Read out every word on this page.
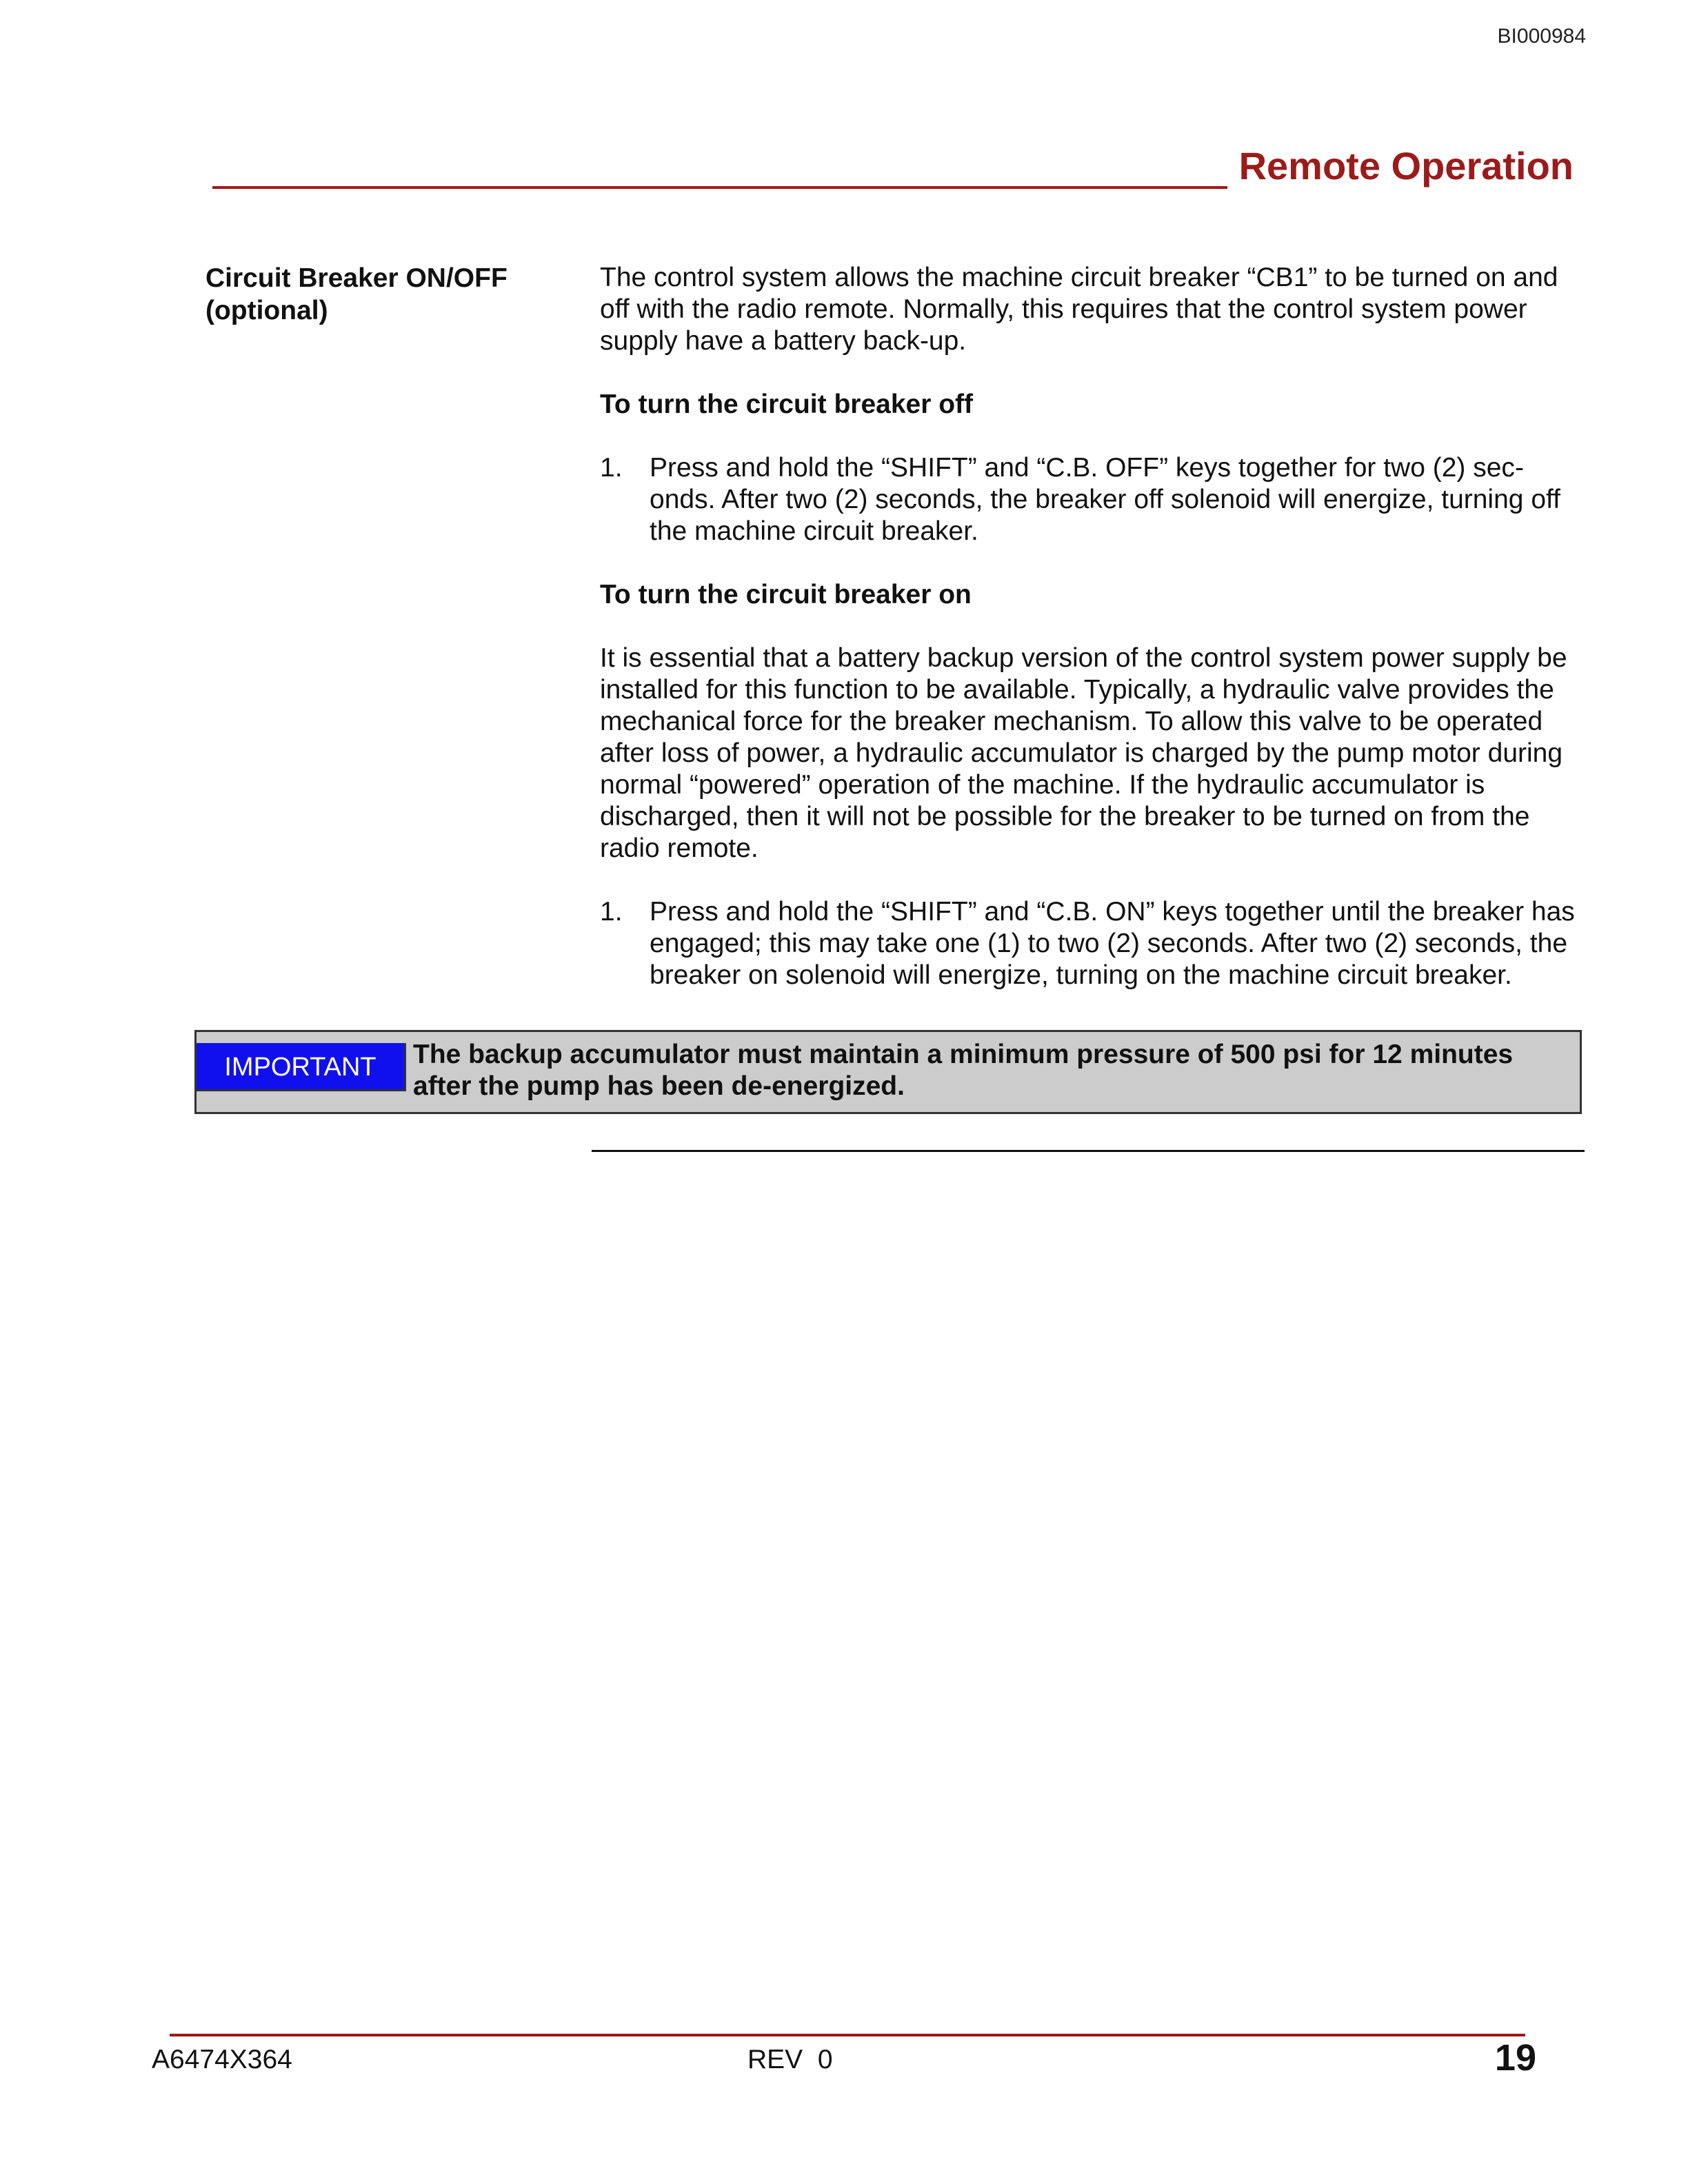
BI000984
Remote Operation
Circuit Breaker ON/OFF
(optional)

The control system allows the machine circuit breaker “CB1” to be turned on and off with the radio remote. Normally, this requires that the control system power supply have a battery back-up.

To turn the circuit breaker off
1. Press and hold the “SHIFT” and “C.B. OFF” keys together for two (2) seconds. After two (2) seconds, the breaker off solenoid will energize, turning off the machine circuit breaker.
To turn the circuit breaker on

It is essential that a battery backup version of the control system power supply be installed for this function to be available. Typically, a hydraulic valve provides the mechanical force for the breaker mechanism. To allow this valve to be operated after loss of power, a hydraulic accumulator is charged by the pump motor during normal “powered” operation of the machine. If the hydraulic accumulator is discharged, then it will not be possible for the breaker to be turned on from the radio remote.

1. Press and hold the “SHIFT” and “C.B. ON” keys together until the breaker has engaged; this may take one (1) to two (2) seconds. After two (2) seconds, the breaker on solenoid will energize, turning on the machine circuit breaker.
IMPORTANT	The backup accumulator must maintain a minimum pressure of 500 psi for 12 minutes after the pump has been de-energized.
A6474X364	REV  0	19
